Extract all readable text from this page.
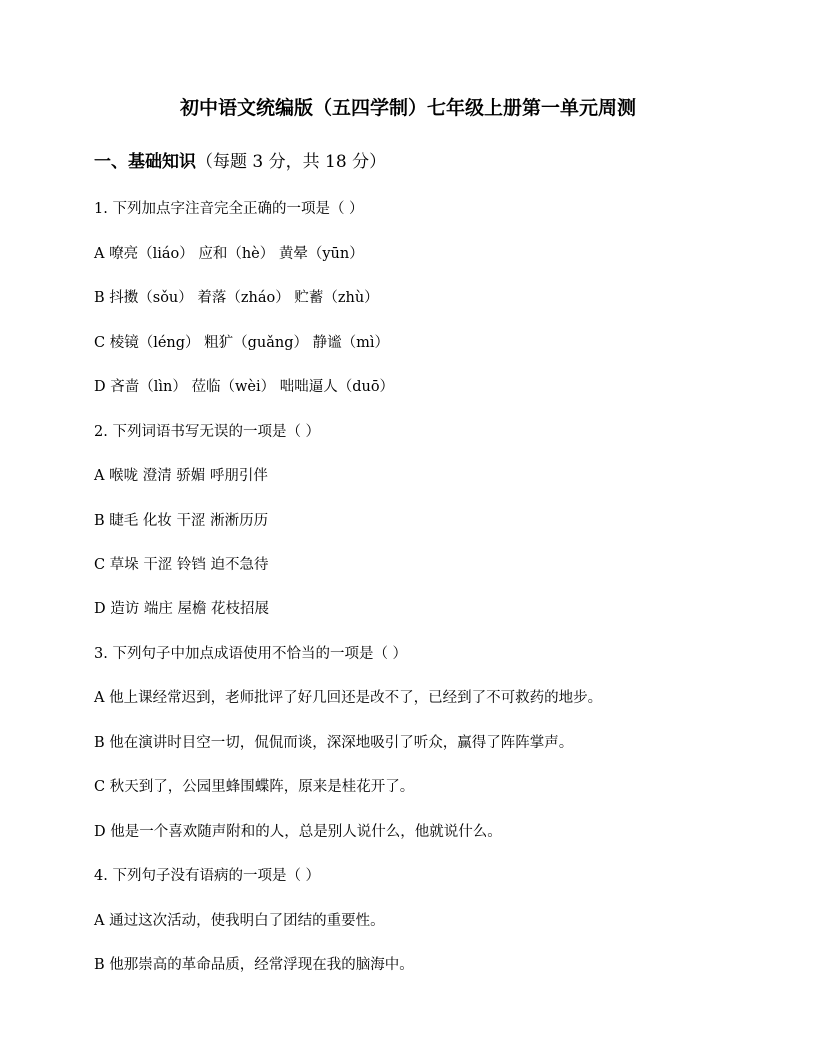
初中语文统编版（五四学制）七年级上册第一单元周测
一、基础知识（每题 3 分，共 18 分）
1. 下列加点字注音完全正确的一项是（ ）
A 嘹亮（liáo） 应和（hè） 黄晕（yūn）
B 抖擞（sǒu） 着落（zháo） 贮蓄（zhù）
C 棱镜（léng） 粗犷（guǎng） 静谧（mì）
D 吝啬（lìn） 莅临（wèi） 咄咄逼人（duō）
2. 下列词语书写无误的一项是（ ）
A 喉咙 澄清 骄媚 呼朋引伴
B 睫毛 化妆 干涩 淅淅历历
C 草垛 干涩 铃铛 迫不急待
D 造访 端庄 屋檐 花枝招展
3. 下列句子中加点成语使用不恰当的一项是（ ）
A 他上课经常迟到，老师批评了好几回还是改不了，已经到了不可救药的地步。
B 他在演讲时目空一切，侃侃而谈，深深地吸引了听众，赢得了阵阵掌声。
C 秋天到了，公园里蜂围蝶阵，原来是桂花开了。
D 他是一个喜欢随声附和的人，总是别人说什么，他就说什么。
4. 下列句子没有语病的一项是（ ）
A 通过这次活动，使我明白了团结的重要性。
B 他那崇高的革命品质，经常浮现在我的脑海中。
